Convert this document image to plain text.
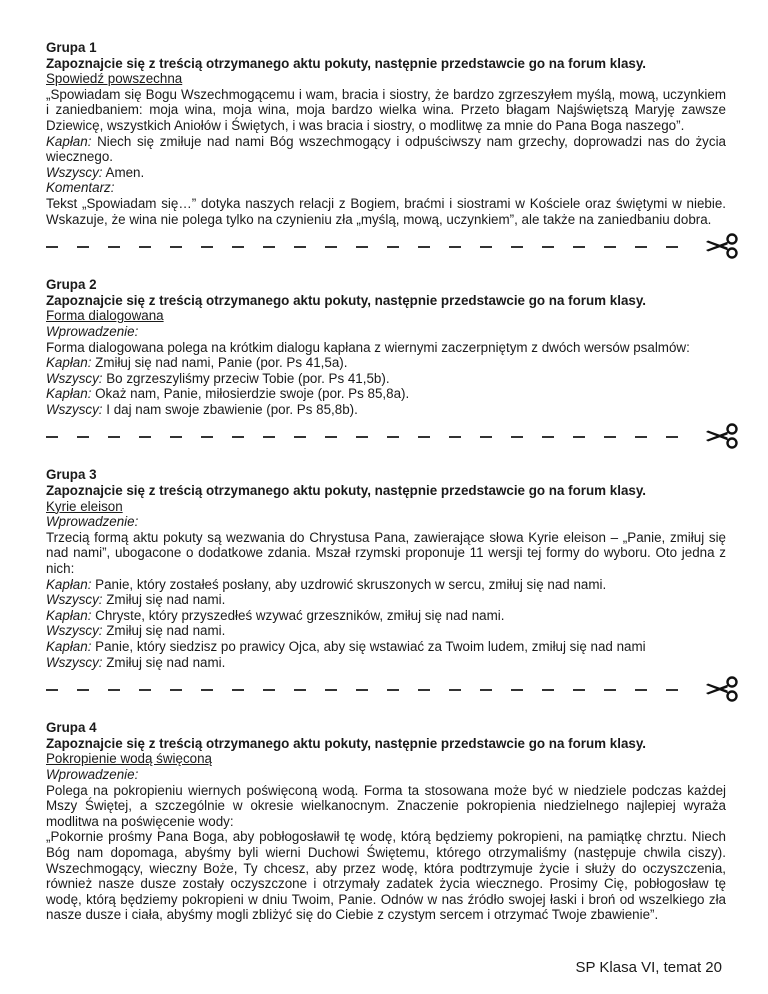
Grupa 1
Zapoznajcie się z treścią otrzymanego aktu pokuty, następnie przedstawcie go na forum klasy.
Spowiedź powszechna

„Spowiadam się Bogu Wszechmogącemu i wam, bracia i siostry, że bardzo zgrzeszyłem myślą, mową, uczynkiem i zaniedbaniem: moja wina, moja wina, moja bardzo wielka wina. Przeto błagam Najświętszą Maryję zawsze Dziewicę, wszystkich Aniołów i Świętych, i was bracia i siostry, o modlitwę za mnie do Pana Boga naszego”.

Kapłan: Niech się zmiłuje nad nami Bóg wszechmogący i odpuściwszy nam grzechy, doprowadzi nas do życia wiecznego.

Wszyscy: Amen.

Komentarz:

Tekst „Spowiadam się…” dotyka naszych relacji z Bogiem, braćmi i siostrami w Kościele oraz świętymi w niebie. Wskazuje, że wina nie polega tylko na czynieniu zła „myślą, mową, uczynkiem”, ale także na zaniedbaniu dobra.

Grupa 2
Zapoznajcie się z treścią otrzymanego aktu pokuty, następnie przedstawcie go na forum klasy.
Forma dialogowana

Wprowadzenie:

Forma dialogowana polega na krótkim dialogu kapłana z wiernymi zaczerpniętym z dwóch wersów psalmów:

Kapłan: Zmiłuj się nad nami, Panie (por. Ps 41,5a).

Wszyscy: Bo zgrzeszyliśmy przeciw Tobie (por. Ps 41,5b).

Kapłan: Okaż nam, Panie, miłosierdzie swoje (por. Ps 85,8a).

Wszyscy: I daj nam swoje zbawienie (por. Ps 85,8b).

Grupa 3
Zapoznajcie się z treścią otrzymanego aktu pokuty, następnie przedstawcie go na forum klasy.
Kyrie eleison

Wprowadzenie:

Trzecią formą aktu pokuty są wezwania do Chrystusa Pana, zawierające słowa Kyrie eleison – „Panie, zmiłuj się nad nami”, ubogacone o dodatkowe zdania. Mszał rzymski proponuje 11 wersji tej formy do wyboru. Oto jedna z nich:

Kapłan: Panie, który zostałeś posłany, aby uzdrowić skruszonych w sercu, zmiłuj się nad nami.

Wszyscy: Zmiłuj się nad nami.

Kapłan: Chryste, który przyszedłeś wzywać grzeszników, zmiłuj się nad nami.

Wszyscy: Zmiłuj się nad nami.

Kapłan: Panie, który siedzisz po prawicy Ojca, aby się wstawiać za Twoim ludem, zmiłuj się nad nami

Wszyscy: Zmiłuj się nad nami.

Grupa 4
Zapoznajcie się z treścią otrzymanego aktu pokuty, następnie przedstawcie go na forum klasy.
Pokropienie wodą święconą

Wprowadzenie:

Polega na pokropieniu wiernych poświęconą wodą. Forma ta stosowana może być w niedziele podczas każdej Mszy Świętej, a szczególnie w okresie wielkanocnym. Znaczenie pokropienia niedzielnego najlepiej wyraża modlitwa na poświęcenie wody:

„Pokornie prośmy Pana Boga, aby pobłogosławił tę wodę, którą będziemy pokropieni, na pamiątkę chrztu. Niech Bóg nam dopomaga, abyśmy byli wierni Duchowi Świętemu, którego otrzymaliśmy (następuje chwila ciszy). Wszechmogący, wieczny Boże, Ty chcesz, aby przez wodę, która podtrzymuje życie i służy do oczyszczenia, również nasze dusze zostały oczyszczone i otrzymały zadatek życia wiecznego. Prosimy Cię, pobłogosław tę wodę, którą będziemy pokropieni w dniu Twoim, Panie. Odnów w nas źródło swojej łaski i broń od wszelkiego zła nasze dusze i ciała, abyśmy mogli zbliżyć się do Ciebie z czystym sercem i otrzymać Twoje zbawienie”.

SP Klasa VI, temat 20
